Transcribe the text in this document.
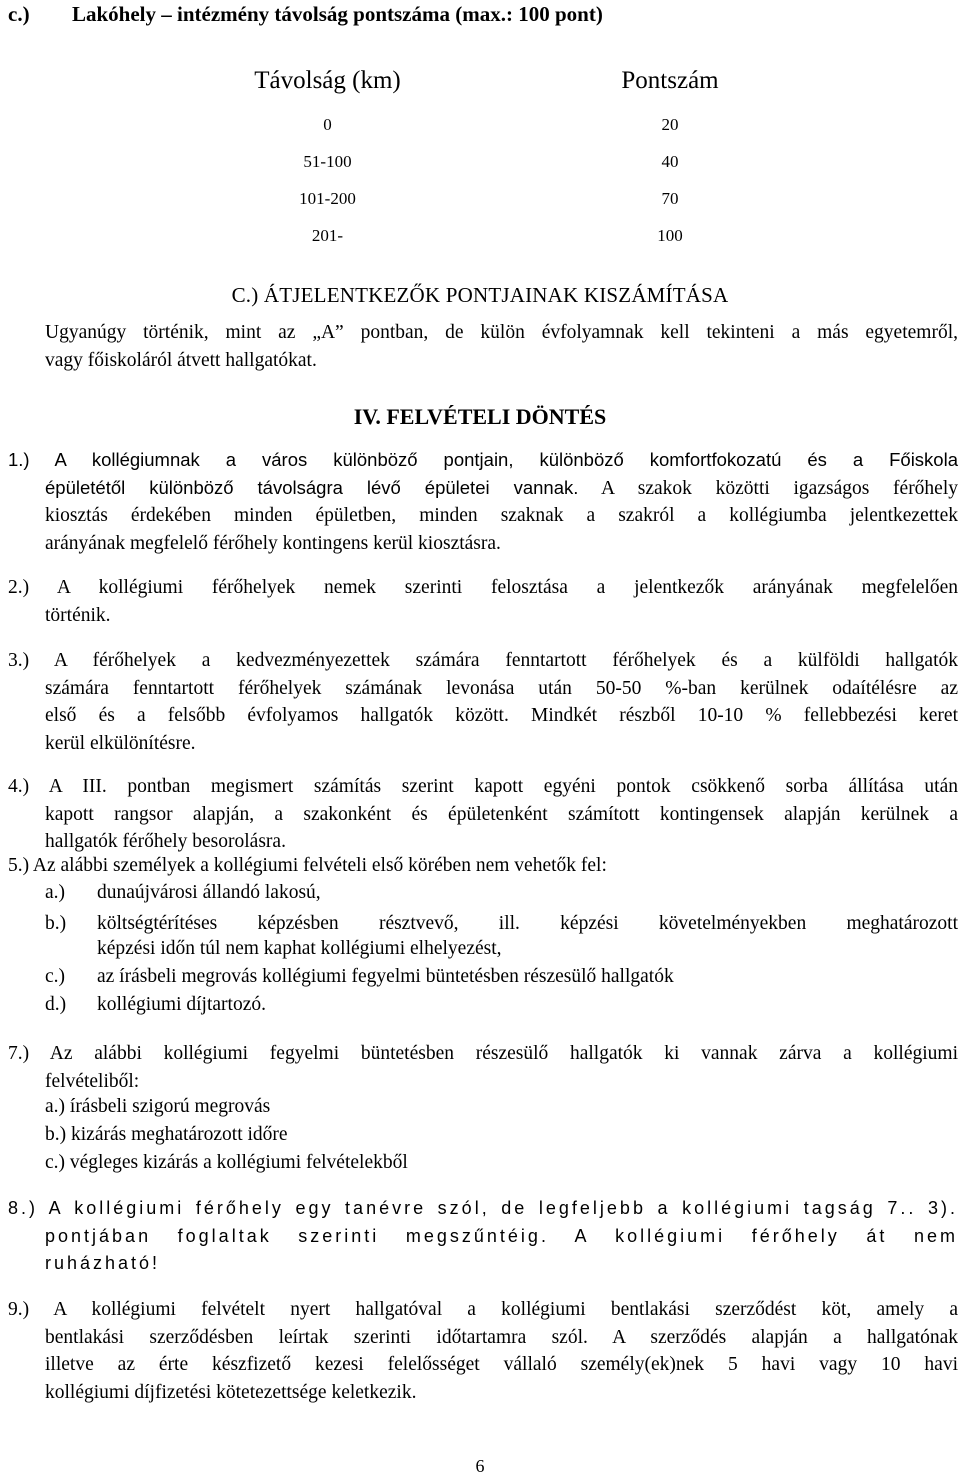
c.) Lakóhely – intézmény távolság pontszáma (max.: 100 pont)
Távolság (km)	Pontszám
0	20
51-100	40
101-200	70
201-	100
C.) ÁTJELENTKEZŐK PONTJAINAK KISZÁMÍTÁSA
Ugyanúgy történik, mint az „A” pontban, de külön évfolyamnak kell tekinteni a más egyetemről,
vagy főiskoláról átvett hallgatókat.
IV. FELVÉTELI DÖNTÉS
1.) A kollégiumnak a város különböző pontjain, különböző komfortfokozatú és a Főiskola
épületétől különböző távolságra lévő épületei vannak. A szakok közötti igazságos férőhely
kiosztás érdekében minden épületben, minden szaknak a szakról a kollégiumba jelentkezettek
arányának megfelelő férőhely kontingens kerül kiosztásra.
2.) A kollégiumi férőhelyek nemek szerinti felosztása a jelentkezők arányának megfelelően
történik.
3.) A férőhelyek a kedvezményezettek számára fenntartott férőhelyek és a külföldi hallgatók
számára fenntartott férőhelyek számának levonása után 50-50 %-ban kerülnek odaítélésre az
első és a felsőbb évfolyamos hallgatók között. Mindkét részből 10-10 % fellebbezési keret
kerül elkülönítésre.
4.) A III. pontban megismert számítás szerint kapott egyéni pontok csökkenő sorba állítása után
kapott rangsor alapján, a szakonként és épületenként számított kontingensek alapján kerülnek a
hallgatók férőhely besorolásra.
5.) Az alábbi személyek a kollégiumi felvételi első körében nem vehetők fel:
a.) dunaújvárosi állandó lakosú,
b.) költségtérítéses képzésben résztvevő, ill. képzési követelményekben meghatározott
képzési időn túl nem kaphat kollégiumi elhelyezést,
c.) az írásbeli megrovás kollégiumi fegyelmi büntetésben részesülő hallgatók
d.) kollégiumi díjtartozó.
7.) Az alábbi kollégiumi fegyelmi büntetésben részesülő hallgatók ki vannak zárva a kollégiumi
felvételiből:
a.) írásbeli szigorú megrovás
b.) kizárás meghatározott időre
c.) végleges kizárás a kollégiumi felvételekből
8.) A kollégiumi férőhely egy tanévre szól, de legfeljebb a kollégiumi tagság 7.. 3).
pontjában foglaltak szerinti megszűntéig. A kollégiumi férőhely át nem
ruházható!
9.) A kollégiumi felvételt nyert hallgatóval a kollégiumi bentlakási szerződést köt, amely a
bentlakási szerződésben leírtak szerinti időtartamra szól. A szerződés alapján a hallgatónak
illetve az érte készfizető kezesi felelősséget vállaló személy(ek)nek 5 havi vagy 10 havi
kollégiumi díjfizetési kötetezettsége keletkezik.
6
